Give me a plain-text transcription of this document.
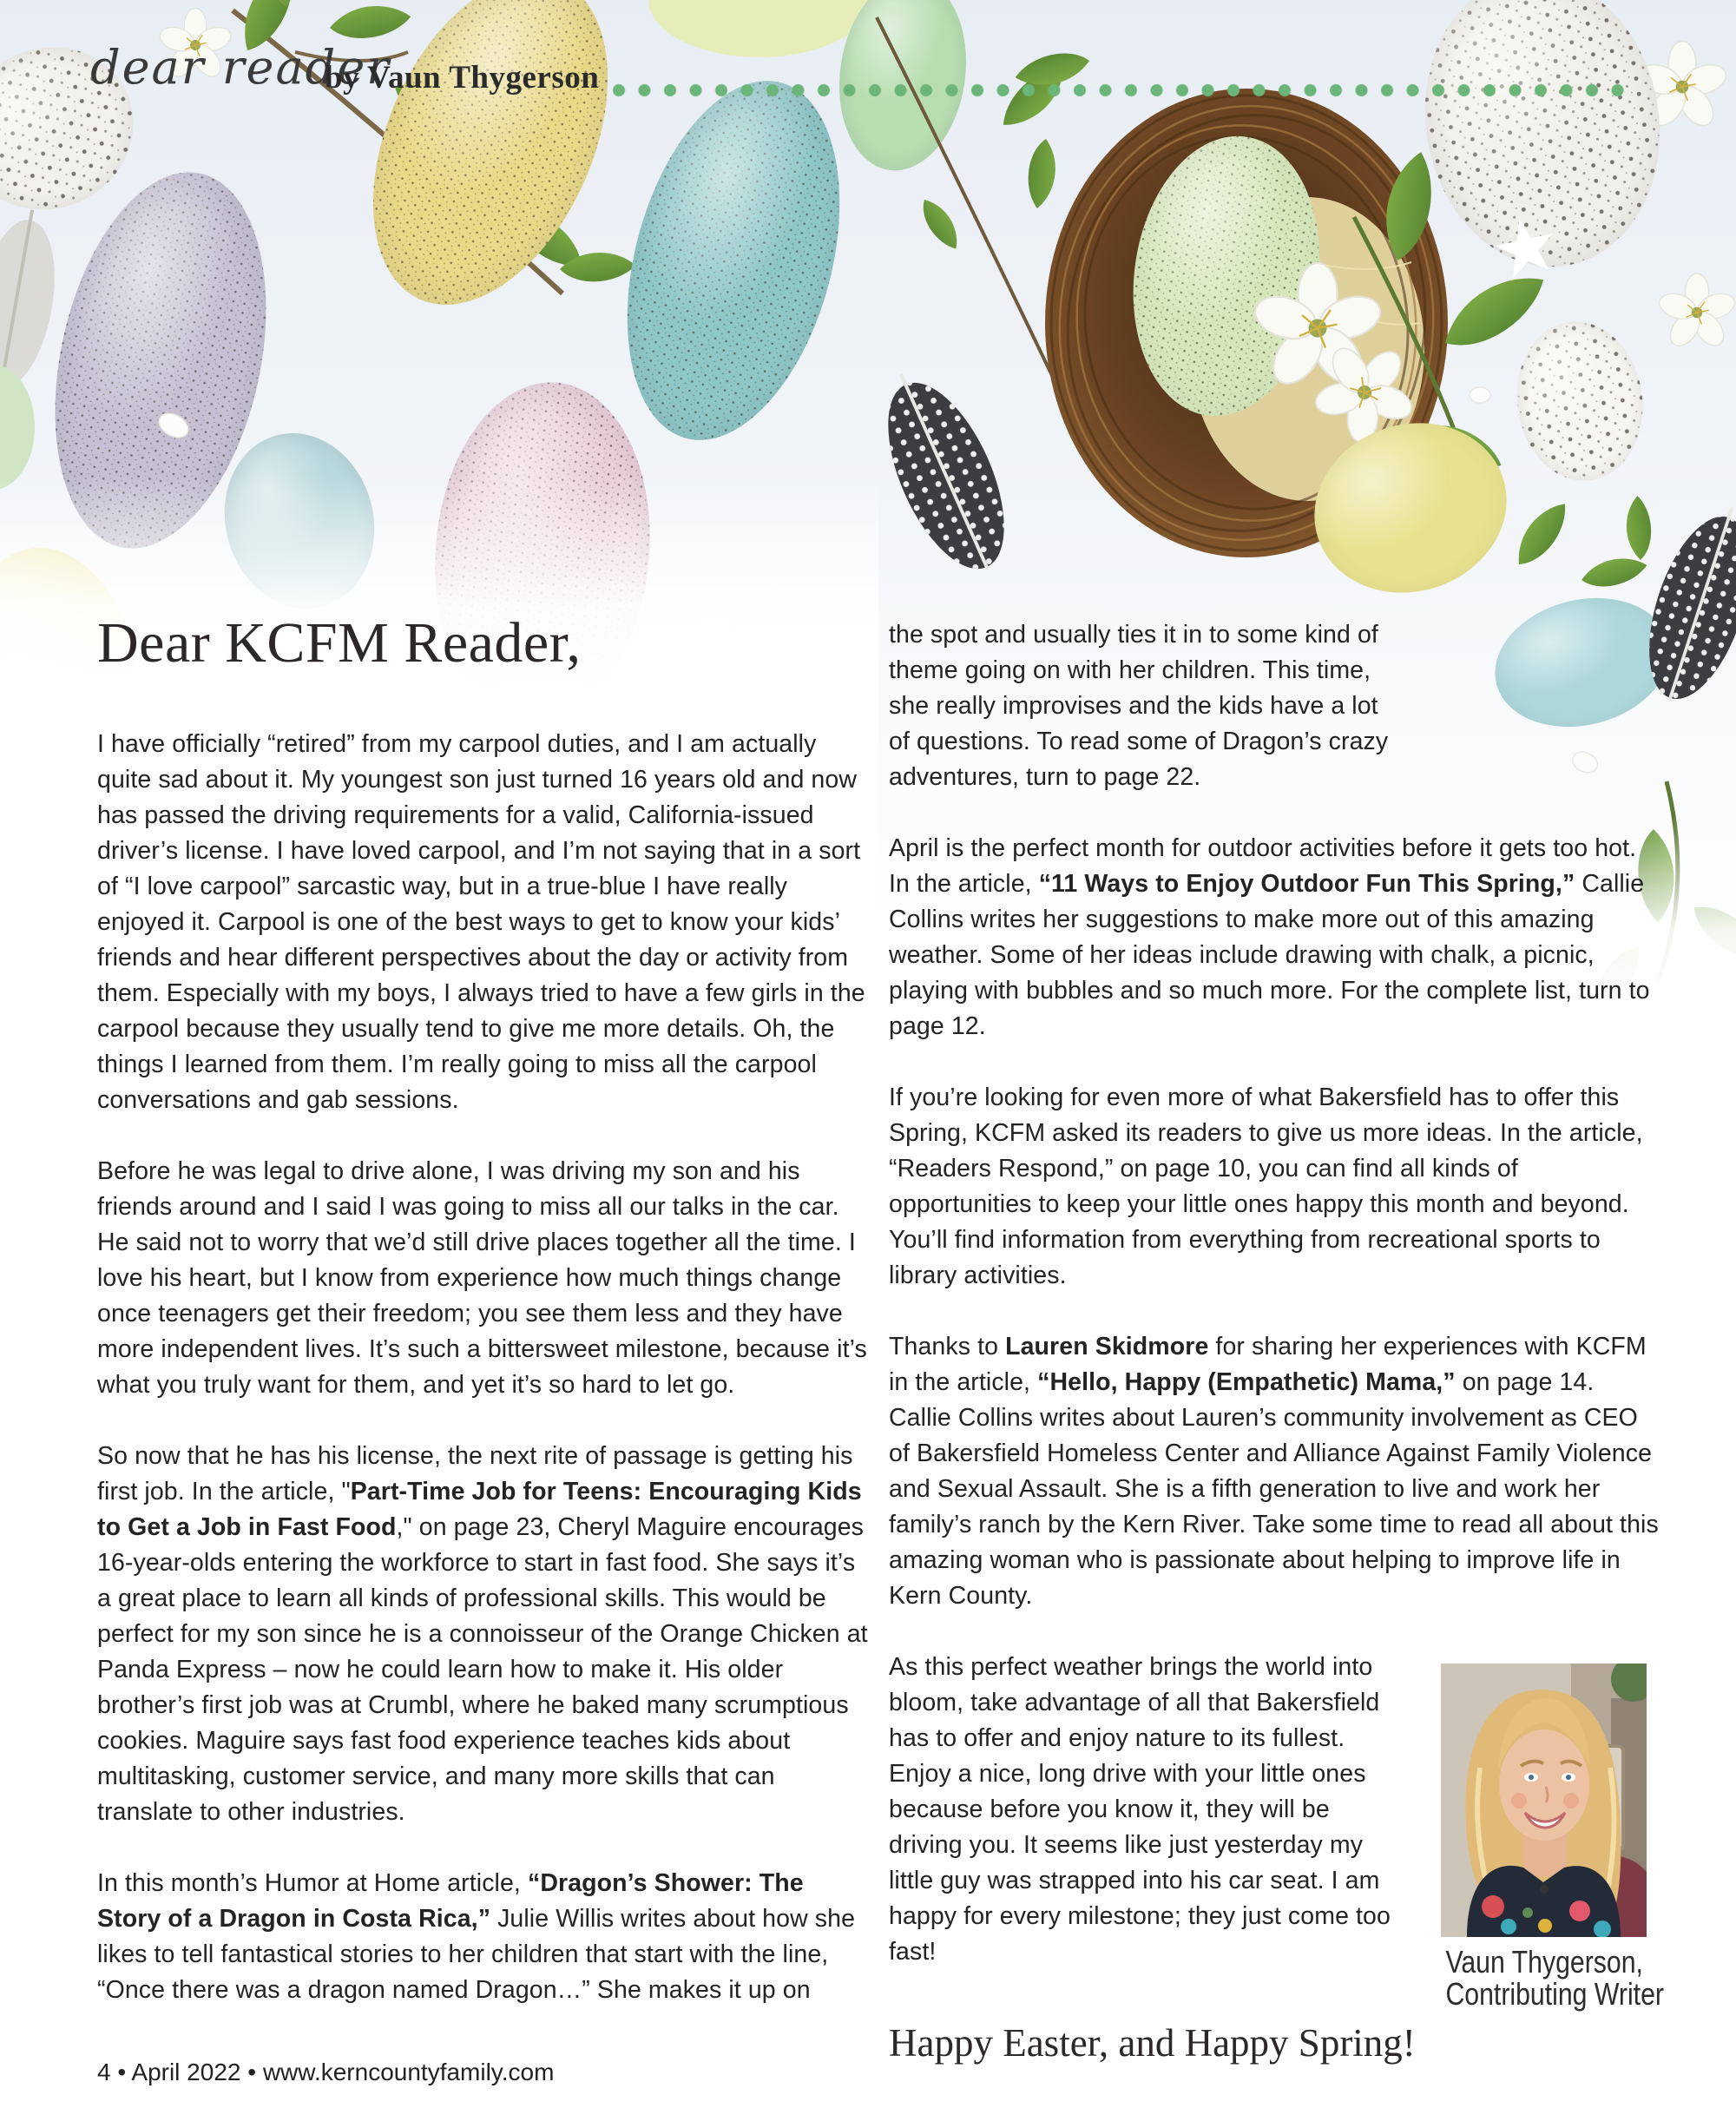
dear reader
by Vaun Thygerson
Dear KCFM Reader,

I have officially “retired” from my carpool duties, and I am actually quite sad about it. My youngest son just turned 16 years old and now has passed the driving requirements for a valid, California-issued driver’s license. I have loved carpool, and I’m not saying that in a sort of “I love carpool” sarcastic way, but in a true-blue I have really enjoyed it. Carpool is one of the best ways to get to know your kids’ friends and hear different perspectives about the day or activity from them. Especially with my boys, I always tried to have a few girls in the carpool because they usually tend to give me more details. Oh, the things I learned from them. I’m really going to miss all the carpool conversations and gab sessions.

Before he was legal to drive alone, I was driving my son and his friends around and I said I was going to miss all our talks in the car. He said not to worry that we’d still drive places together all the time. I love his heart, but I know from experience how much things change once teenagers get their freedom; you see them less and they have more independent lives. It’s such a bittersweet milestone, because it’s what you truly want for them, and yet it’s so hard to let go.

So now that he has his license, the next rite of passage is getting his first job. In the article, "Part-Time Job for Teens: Encouraging Kids to Get a Job in Fast Food," on page 23, Cheryl Maguire encourages 16-year-olds entering the workforce to start in fast food. She says it’s a great place to learn all kinds of professional skills. This would be perfect for my son since he is a connoisseur of the Orange Chicken at Panda Express – now he could learn how to make it. His older brother’s first job was at Crumbl, where he baked many scrumptious cookies. Maguire says fast food experience teaches kids about multitasking, customer service, and many more skills that can translate to other industries.

In this month’s Humor at Home article, “Dragon’s Shower: The Story of a Dragon in Costa Rica,” Julie Willis writes about how she likes to tell fantastical stories to her children that start with the line, “Once there was a dragon named Dragon…” She makes it up on

the spot and usually ties it in to some kind of theme going on with her children. This time, she really improvises and the kids have a lot of questions. To read some of Dragon’s crazy adventures, turn to page 22.

April is the perfect month for outdoor activities before it gets too hot. In the article, “11 Ways to Enjoy Outdoor Fun This Spring,” Callie Collins writes her suggestions to make more out of this amazing weather. Some of her ideas include drawing with chalk, a picnic, playing with bubbles and so much more. For the complete list, turn to page 12.

If you’re looking for even more of what Bakersfield has to offer this Spring, KCFM asked its readers to give us more ideas. In the article, “Readers Respond,” on page 10, you can find all kinds of opportunities to keep your little ones happy this month and beyond. You’ll find information from everything from recreational sports to library activities.

Thanks to Lauren Skidmore for sharing her experiences with KCFM in the article, “Hello, Happy (Empathetic) Mama,” on page 14. Callie Collins writes about Lauren’s community involvement as CEO of Bakersfield Homeless Center and Alliance Against Family Violence and Sexual Assault. She is a fifth generation to live and work her family’s ranch by the Kern River. Take some time to read all about this amazing woman who is passionate about helping to improve life in Kern County.

Vaun Thygerson,
Contributing Writer

As this perfect weather brings the world into bloom, take advantage of all that Bakersfield has to offer and enjoy nature to its fullest. Enjoy a nice, long drive with your little ones because before you know it, they will be driving you. It seems like just yesterday my little guy was strapped into his car seat. I am happy for every milestone; they just come too fast!

Happy Easter, and Happy Spring!
4 • April 2022 • www.kerncountyfamily.com
